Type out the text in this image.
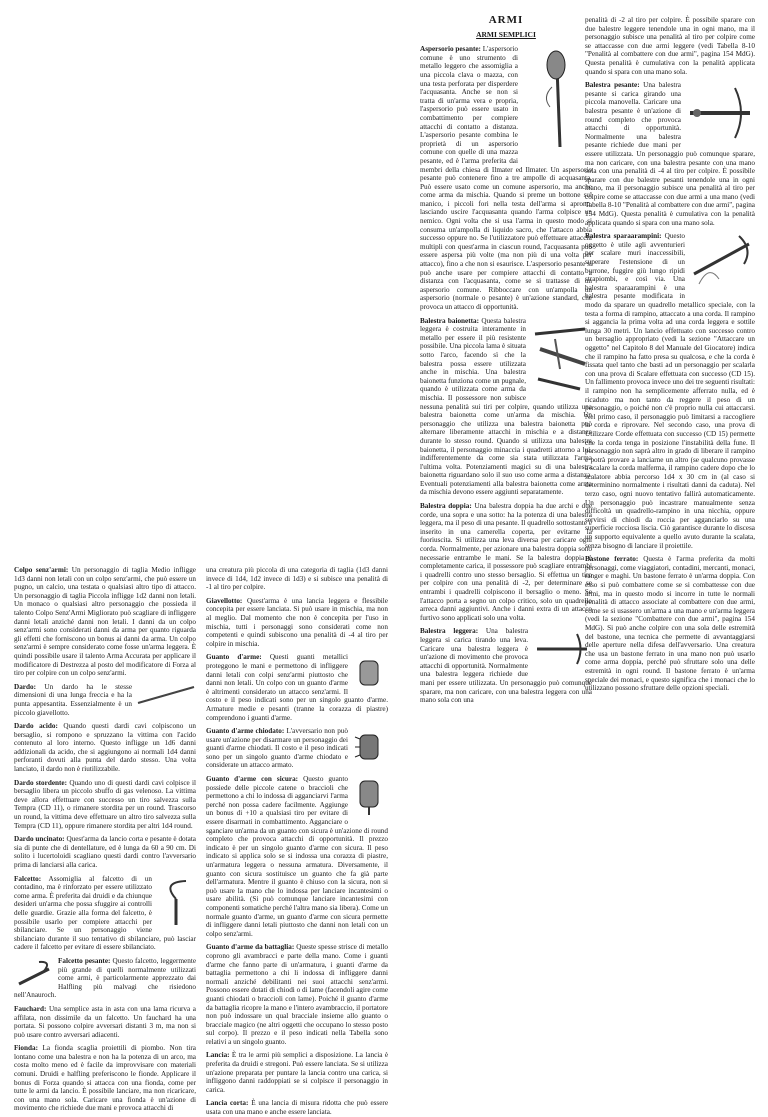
ARMI
ARMI SEMPLICI

Aspersorio pesante: L'aspersorio comune è uno strumento di metallo leggero che assomiglia a una piccola clava o mazza, con una testa perforata per disperdere l'acquasanta. Anche se non si tratta di un'arma vera e propria, l'aspersorio può essere usato in combattimento per compiere attacchi di contatto a distanza. L'aspersorio pesante combina le proprietà di un aspersorio comune con quelle di una mazza pesante, ed è l'arma preferita dai membri della chiesa di Ilmater ed Ilmater. Un aspersorio pesante può contenere fino a tre ampolle di acquasanta. Può essere usato come un comune aspersorio, ma anche come arma da mischia. Quando si preme un bottone sul manico, i piccoli fori nella testa dell'arma si aprono, lasciando uscire l'acquasanta quando l'arma colpisce un nemico. Ogni volta che si usa l'arma in questo modo si consuma un'ampolla di liquido sacro, che l'attacco abbia successo oppure no. Se l'utilizzatore può effettuare attacchi multipli con quest'arma in ciascun round, l'acquasanta può essere aspersa più volte (ma non più di una volta per attacco), fino a che non si esaurisce. L'aspersorio pesante si può anche usare per compiere attacchi di contatto a distanza con l'acquasanta, come se si trattasse di un aspersorio comune. Ribboccare con un'ampolla un aspersorio (normale o pesante) è un'azione standard, che provoca un attacco di opportunità.

Balestra baionetta: Questa balestra leggera è costruita interamente in metallo per essere il più resistente possibile. Una piccola lama è situata sotto l'arco, facendo sì che la balestra possa essere utilizzata anche in mischia. Una balestra baionetta funziona come un pugnale, quando è utilizzata come arma da mischia. Il possessore non subisce nessuna penalità sui tiri per colpire, quando utilizza una balestra baionetta come un'arma da mischia. Un personaggio che utilizza una balestra baionetta può alternare liberamente attacchi in mischia e a distanza durante lo stesso round. Quando si utilizza una balestra baionetta, il personaggio minaccia i quadretti attorno a lui, indifferentemente da come sia stata utilizzata l'arma l'ultima volta. Potenziamenti magici su di una balestra baionetta riguardano solo il suo uso come arma a distanza. Eventuali potenziamenti alla balestra baionetta come arma da mischia devono essere aggiunti separatamente.

Balestra doppia: Una balestra doppia ha due archi e due corde, una sopra e una sotto: ha la potenza di una balestra leggera, ma il peso di una pesante. Il quadrello sottostante è inserito in una camerella coperta, per evitarne la fuoriuscita. Si utilizza una leva diversa per caricare ogni corda. Normalmente, per azionare una balestra doppia sono necessarie entrambe le mani. Se la balestra doppia è completamente carica, il possessore può scagliare entrambi i quadrelli contro uno stesso bersaglio. Si effettua un tiro per colpire con una penalità di -2, per determinare se entrambi i quadrelli colpiscono il bersaglio o meno. Se l'attacco porta a segno un colpo critico, solo un quadrello arreca danni aggiuntivi. Anche i danni extra di un attacco furtivo sono applicati solo una volta.

Balestra leggera: Una balestra leggera si carica tirando una leva. Caricare una balestra leggera è un'azione di movimento che provoca attacchi di opportunità. Normalmente una balestra leggera richiede due mani per essere utilizzata. Un personaggio può comunque sparare, ma non caricare, con una balestra leggera con una mano sola con una

penalità di -2 al tiro per colpire. È possibile sparare con due balestre leggere tenendole una in ogni mano, ma il personaggio subisce una penalità al tiro per colpire come se attaccasse con due armi leggere (vedi Tabella 8-10 "Penalità al combattere con due armi", pagina 154 MdG). Questa penalità è cumulativa con la penalità applicata quando si spara con una mano sola.

Balestra pesante: Una balestra pesante si carica girando una piccola manovella. Caricare una balestra pesante è un'azione di round completo che provoca attacchi di opportunità. Normalmente una balestra pesante richiede due mani per essere utilizzata. Un personaggio può comunque sparare, ma non caricare, con una balestra pesante con una mano sola con una penalità di -4 al tiro per colpire. È possibile sparare con due balestre pesanti tenendole una in ogni mano, ma il personaggio subisce una penalità al tiro per colpire come se attaccasse con due armi a una mano (vedi Tabella 8-10 "Penalità al combattere con due armi", pagina 154 MdG). Questa penalità è cumulativa con la penalità applicata quando si spara con una mano sola.

Balestra sparaarampini: Questo oggetto è utile agli avventurieri per scalare muri inaccessibili, superare l'estensione di un burrone, fuggire giù lungo ripidi strapiombi, e così via. Una balestra sparaarampini è una balestra pesante modificata in modo da sparare un quadrello metallico speciale, con la testa a forma di rampino, attaccato a una corda. Il rampino si aggancia la prima volta ad una corda leggera e sottile lunga 30 metri. Un lancio effettuato con successo contro un bersaglio appropriato (vedi la sezione "Attaccare un oggetto" nel Capitolo 8 del Manuale del Giocatore) indica che il rampino ha fatto presa su qualcosa, e che la corda è fissata quel tanto che basti ad un personaggio per scalarla con una prova di Scalare effettuata con successo (CD 15). Un fallimento provoca invece uno dei tre seguenti risultati: il rampino non ha semplicemente afferrato nulla, ed è ricaduto ma non tanto da reggere il peso di un personaggio, o poiché non c'è proprio nulla cui attaccarsi. Nel primo caso, il personaggio può limitarsi a raccogliere la corda e riprovare. Nel secondo caso, una prova di Utilizzare Corde effettuata con successo (CD 15) permette che la corda tenga in posizione l'instabilità della fune. Il personaggio non saprà altro in grado di liberare il rampino e potrà provare a lanciarne un altro (se qualcuno provasse a scalare la corda malferma, il rampino cadere dopo che lo scalatore abbia percorso 1d4 x 30 cm in (al caso si determinino normalmente i risultati danni da caduta). Nel terzo caso, ogni nuovo tentativo fallirà automaticamente. Un personaggio può incastrare manualmente senza difficoltà un quadrello-rampino in una nicchia, oppure servirsi di chiodi da roccia per agganciarlo su una superficie rocciosa liscia. Ciò garantisce durante lo discesa un supporto equivalente a quello avuto durante la scalata, senza bisogno di lanciare il proiettile.

Bastone ferrato: Questa è l'arma preferita da molti personaggi, come viaggiatori, contadini, mercanti, monaci, ranger e maghi. Un bastone ferrato è un'arma doppia. Con esso si può combattere come se si combattesse con due armi, ma in questo modo si incorre in tutte le normali penalità di attacco associate al combattere con due armi, come se si usassero un'arma a una mano e un'arma leggera (vedi la sezione "Combattere con due armi", pagina 154 MdG). Si può anche colpire con una sola delle estremità del bastone, una tecnica che permette di avvantaggiarsi delle aperture nella difesa dell'avversario. Una creatura che usa un bastone ferrato in una mano non può usarlo come arma doppia, perché può sfruttare solo una delle estremità in ogni round. Il bastone ferrato è un'arma speciale dei monaci, e questo significa che i monaci che lo utilizzano possono sfruttare delle opzioni speciali.

Colpo senz'armi: Un personaggio di taglia Medio infligge 1d3 danni non letali con un colpo senz'armi, che può essere un pugno, un calcio, una testata o qualsiasi altro tipo di attacco. Un personaggio di taglia Piccola infligge 1d2 danni non letali. Un monaco o qualsiasi altro personaggio che possieda il talento Colpo Senz'Armi Migliorato può scagliare di infliggere danni letali anziché danni non letali. I danni da un colpo senz'armi sono considerati danni da arma per quanto riguarda gli effetti che forniscono un bonus ai danni da arma. Un colpo senz'armi è sempre considerato come fosse un'arma leggera. È quindi possibile usare il talento Arma Accurata per applicare il modificatore di Destrezza al posto del modificatore di Forza al tiro per colpire con un colpo senz'armi.

Dardo: Un dardo ha le stesse dimensioni di una lunga freccia e ha la punta appesantita. Essenzialmente è un piccolo giavellotto.

Dardo acido: Quando questi dardi cavi colpiscono un bersaglio, si rompono e spruzzano la vittima con l'acido contenuto al loro interno. Questo infligge un 1d6 danni addizionali da acido, che si aggiungono ai normali 1d4 danni perforanti dovuti alla punta del dardo stesso. Una volta lanciato, il dardo non è riutilizzabile.

Dardo stordente: Quando uno di questi dardi cavi colpisce il bersaglio libera un piccolo sbuffo di gas velenoso. La vittima deve allora effettuare con successo un tiro salvezza sulla Tempra (CD 11), o rimanere stordita per un round. Trascorso un round, la vittima deve effettuare un altro tiro salvezza sulla Tempra (CD 11), oppure rimanere stordita per altri 1d4 round.

Dardo uncinato: Quest'arma da lancio corta e pesante è dotata sia di punte che di dentellature, ed è lunga da 60 a 90 cm. Di solito i lucertoloidi scagliano questi dardi contro l'avversario prima di lanciarsi alla carica.

Falcetto: Assomiglia al falcetto di un contadino, ma è rinforzato per essere utilizzato come arma. È preferita dai druidi e da chiunque desideri un'arma che possa sfuggire ai controlli delle guardie. Grazie alla forma del falcetto, è possibile usarlo per compiere attacchi per sbilanciare. Se un personaggio viene sbilanciato durante il suo tentativo di sbilanciare, può lasciar cadere il falcetto per evitare di essere sbilanciato.

Falcetto pesante: Questo falcetto, leggermente più grande di quelli normalmente utilizzati come armi, è particolarmente apprezzato dai Halfling più malvagi che risiedono nell'Anauroch.

Fauchard: Una semplice asta in asta con una lama ricurva a affilata, non dissimile da un falcetto. Un fauchard ha una portata. Si possono colpire avversari distanti 3 m, ma non si può usare contro avversari adiacenti.

Fionda: La fionda scaglia proiettili di piombo. Non tira lontano come una balestra e non ha la potenza di un arco, ma costa molto meno ed è facile da improvvisare con materiali comuni. Druidi e halfling preferiscono le fionde. Applicare il bonus di Forza quando si attacca con una fionda, come per tutte le armi da lancio. È possibile lanciare, ma non ricaricare, con una mano sola. Caricare una fionda è un'azione di movimento che richiede due mani e provoca attacchi di

una creatura più piccola di una categoria di taglia (1d3 danni invece di 1d4, 1d2 invece di 1d3) e si subisce una penalità di -1 al tiro per colpire.

Giavellotto: Quest'arma è una lancia leggera e flessibile concepita per essere lanciata. Si può usare in mischia, ma non al meglio. Dal momento che non è concepita per l'uso in mischia, tutti i personaggi sono considerati come non competenti e quindi subiscono una penalità di -4 al tiro per colpire in mischia.

Guanto d'arme: Questi guanti metallici proteggono le mani e permettono di infliggere danni letali con colpi senz'armi piuttosto che danni non letali. Un colpo con un guanto d'arme è altrimenti considerato un attacco senz'armi. Il costo e il peso indicati sono per un singolo guanto d'arme. Armature medie e pesanti (tranne la corazza di piastre) comprendono i guanti d'arme.

Guanto d'arme chiodato: L'avversario non può usare un'azione per disarmare un personaggio dei guanti d'arme chiodati. Il costo e il peso indicati sono per un singolo guanto d'arme chiodato e considerate un attacco armato.

Guanto d'arme con sicura: Questo guanto possiede delle piccole catene o braccioli che permettono a chi lo indossa di agganciarvi l'arma perché non possa cadere facilmente. Aggiunge un bonus di +10 a qualsiasi tiro per evitare di essere disarmati in combattimento. Agganciare o sganciare un'arma da un guanto con sicura è un'azione di round completo che provoca attacchi di opportunità. Il prezzo indicato è per un singolo guanto d'arme con sicura. Il peso indicato si applica solo se si indossa una corazza di piastre, un'armatura leggera o nessuna armatura. Diversamente, il guanto con sicura sostituisce un guanto che fa già parte dell'armatura. Mentre il guanto è chiuso con la sicura, non si può usare la mano che lo indossa per lanciare incantesimi o usare abilità. (Si può comunque lanciare incantesimi con componenti somatiche perché l'altra mano sia libera). Come un normale guanto d'arme, un guanto d'arme con sicura permette di infliggere danni letali piuttosto che danni non letali con un colpo senz'armi.

Guanto d'arme da battaglia: Queste spesse strisce di metallo coprono gli avambracci e parte della mano. Come i guanti d'arme che fanno parte di un'armatura, i guanti d'arme da battaglia permettono a chi li indossa di infliggere danni normali anziché debilitanti nei suoi attacchi senz'armi. Possono essere dotati di chiodi o di lame (facendoli agire come guanti chiodati o braccioli con lame). Poiché il guanto d'arme da battaglia ricopre la mano e l'intero avambraccio, il portatore non può indossare un qual bracciale insieme allo guanto o bracciale magico (ne altri oggetti che occupano lo stesso posto sul corpo). Il prezzo e il peso indicati nella Tabella sono relativi a un singolo guanto.

Lancia: È tra le armi più semplici a disposizione. La lancia è preferita da druidi e stregoni. Può essere lanciata. Se si utilizza un'azione preparata per puntare la lancia contro una carica, si infliggono danni raddoppiati se si colpisce il personaggio in carica.

Lancia corta: È una lancia di misura ridotta che può essere usata con una mano e anche essere lanciata.
